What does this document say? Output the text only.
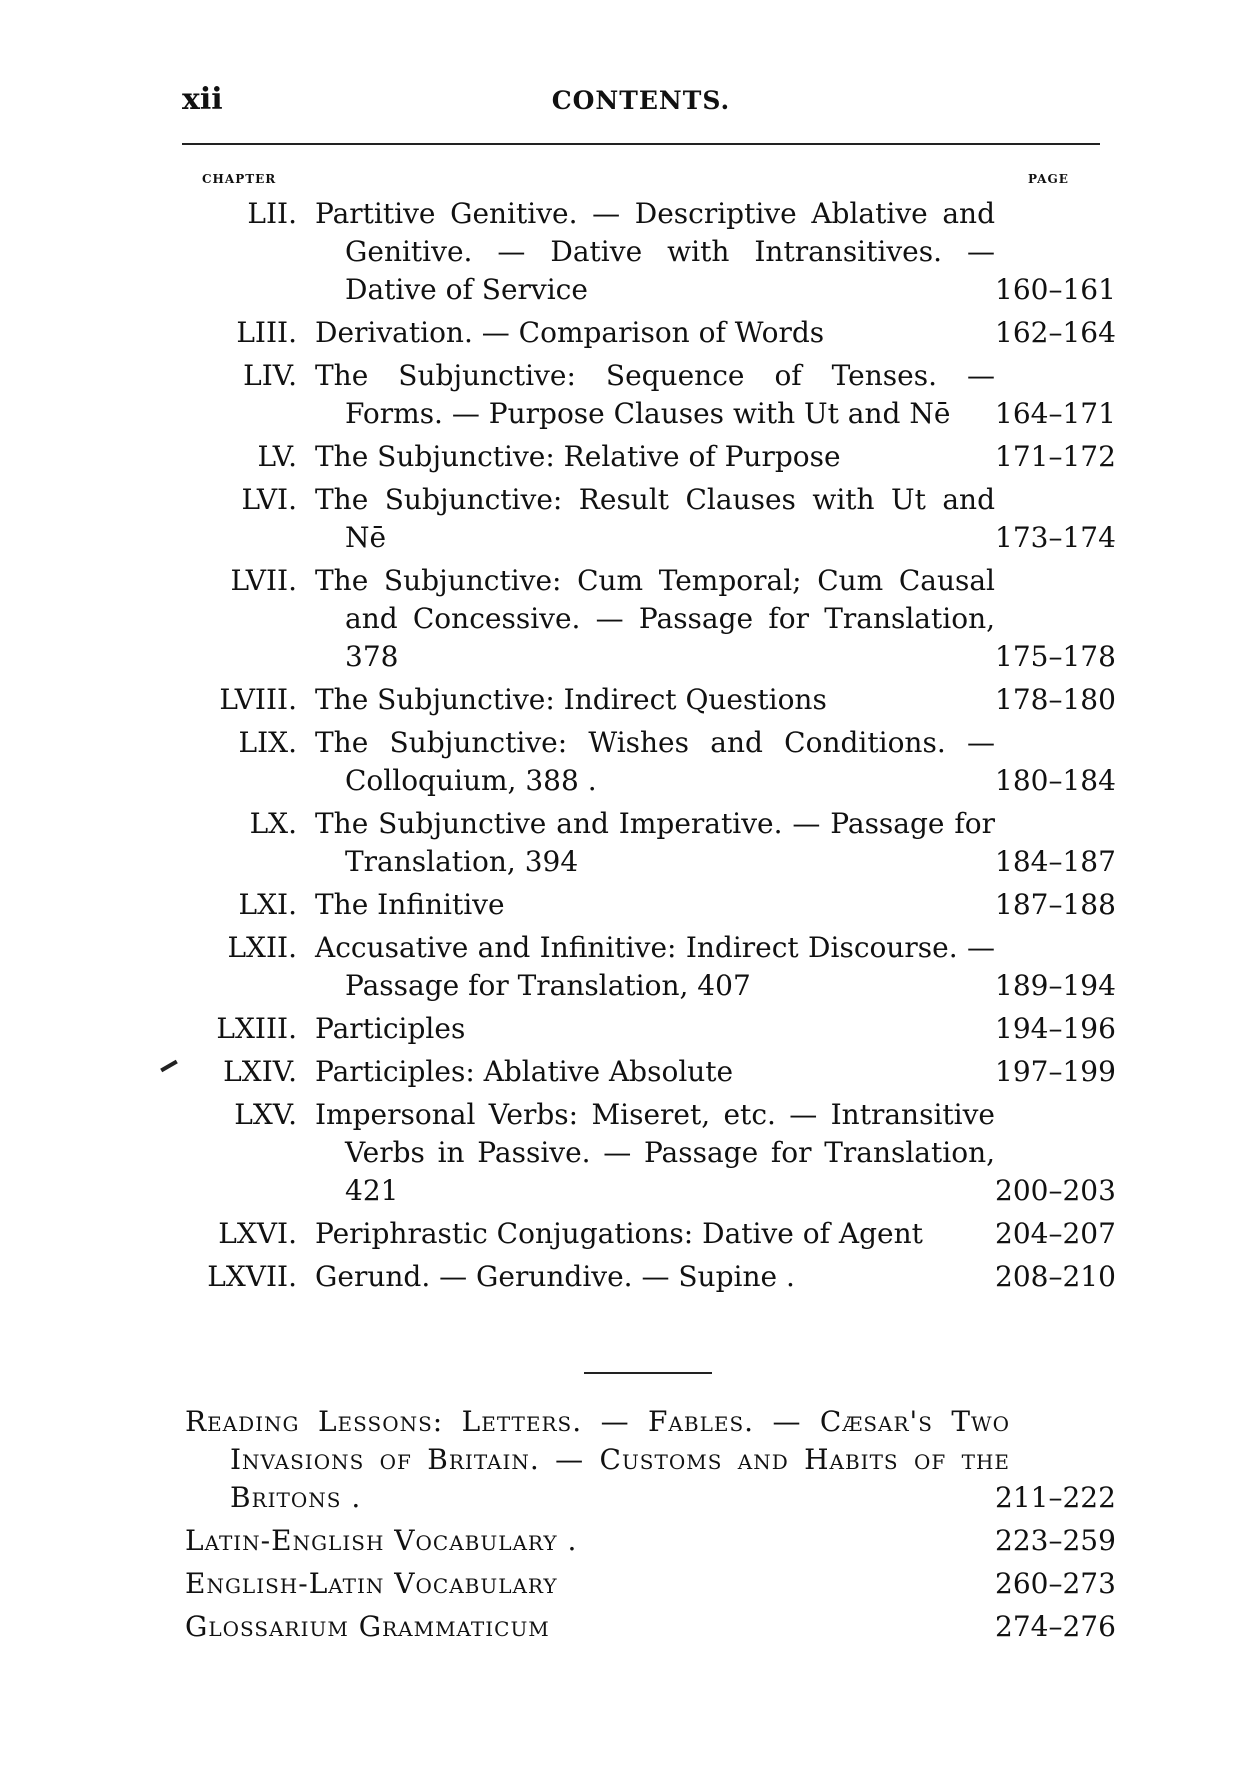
xii	CONTENTS.
CHAPTER	PAGE
LII. Partitive Genitive. — Descriptive Ablative and Genitive. — Dative with Intransitives. — Dative of Service	160–161
LIII. Derivation. — Comparison of Words	162–164
LIV. The Subjunctive: Sequence of Tenses. — Forms. — Purpose Clauses with Ut and Nē	164–171
LV. The Subjunctive: Relative of Purpose	171–172
LVI. The Subjunctive: Result Clauses with Ut and Nē	173–174
LVII. The Subjunctive: Cum Temporal; Cum Causal and Concessive. — Passage for Translation, 378	175–178
LVIII. The Subjunctive: Indirect Questions	178–180
LIX. The Subjunctive: Wishes and Conditions. — Colloquium, 388 .	180–184
LX. The Subjunctive and Imperative. — Passage for Translation, 394	184–187
LXI. The Infinitive	187–188
LXII. Accusative and Infinitive: Indirect Discourse. — Passage for Translation, 407	189–194
LXIII. Participles	194–196
LXIV. Participles: Ablative Absolute	197–199
LXV. Impersonal Verbs: Miseret, etc. — Intransitive Verbs in Passive. — Passage for Translation, 421	200–203
LXVI. Periphrastic Conjugations: Dative of Agent	204–207
LXVII. Gerund. — Gerundive. — Supine .	208–210
Reading Lessons: Letters. — Fables. — Cæsar's Two Invasions of Britain. — Customs and Habits of the Britons .	211–222
Latin-English Vocabulary .	223–259
English-Latin Vocabulary	260–273
Glossarium Grammaticum	274–276
